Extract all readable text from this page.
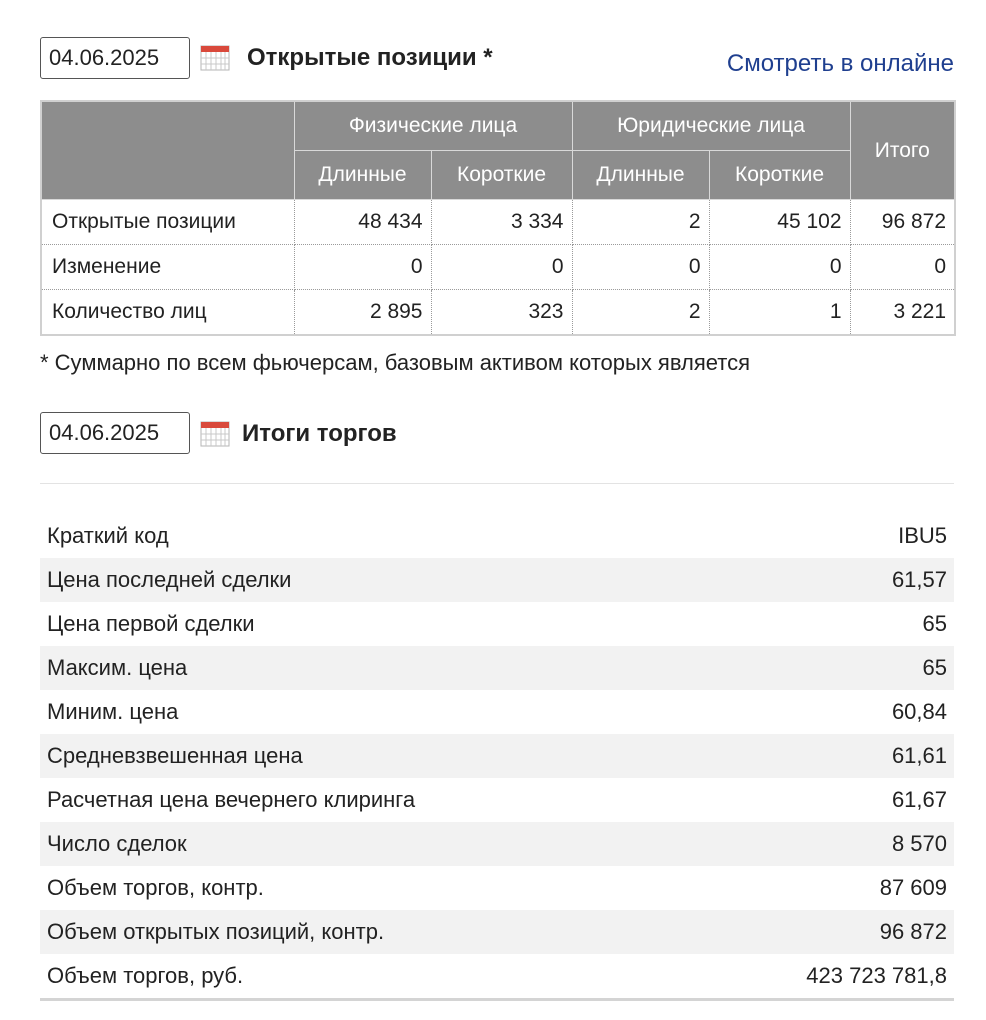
04.06.2025
Открытые позиции *	Смотреть в онлайне
	Физические лица		Юридические лица		Итого
	Длинные	Короткие	Длинные	Короткие	
Открытые позиции	48 434	3 334	2	45 102	96 872
Изменение	0	0	0	0	0
Количество лиц	2 895	323	2	1	3 221
* Суммарно по всем фьючерсам, базовым активом которых является
04.06.2025
Итоги торгов
Краткий код	IBU5
Цена последней сделки	61,57
Цена первой сделки	65
Максим. цена	65
Миним. цена	60,84
Средневзвешенная цена	61,61
Расчетная цена вечернего клиринга	61,67
Число сделок	8 570
Объем торгов, контр.	87 609
Объем открытых позиций, контр.	96 872
Объем торгов, руб.	423 723 781,8
